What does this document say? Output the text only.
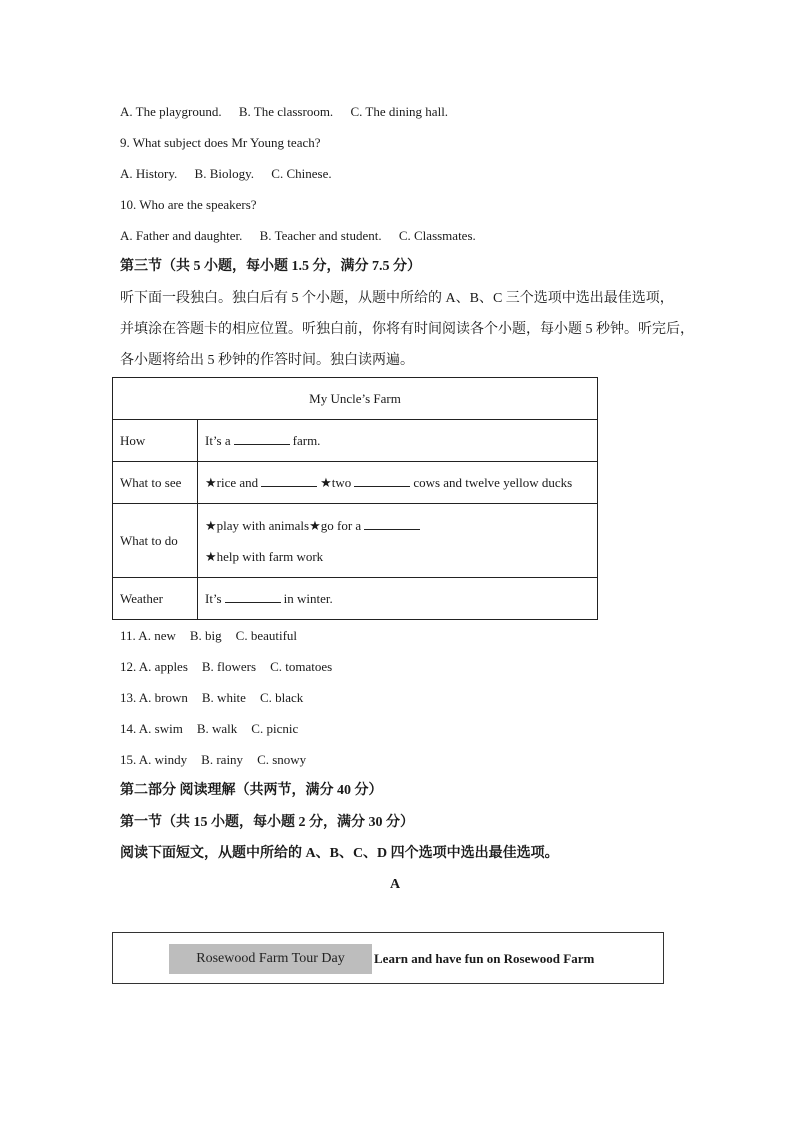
A. The playground. B. The classroom. C. The dining hall.
9. What subject does Mr Young teach?
A. History. B. Biology. C. Chinese.
10. Who are the speakers?
A. Father and daughter. B. Teacher and student. C. Classmates.
第三节（共 5 小题，每小题 1.5 分，满分 7.5 分）
听下面一段独白。独白后有 5 个小题，从题中所给的 A、B、C 三个选项中选出最佳选项，
并填涂在答题卡的相应位置。听独白前，你将有时间阅读各个小题，每小题 5 秒钟。听完后，
各小题将给出 5 秒钟的作答时间。独白读两遍。
My Uncle’s Farm	
How	It’s a farm.
What to see	★rice and ★two cows and twelve yellow ducks
What to do	★play with animals★go for a
★help with farm work

Weather	It’s in winter.
11. A. new B. big C. beautiful
12. A. apples B. flowers C. tomatoes
13. A. brown B. white C. black
14. A. swim B. walk C. picnic
15. A. windy B. rainy C. snowy
第二部分 阅读理解（共两节，满分 40 分）
第一节（共 15 小题，每小题 2 分，满分 30 分）
阅读下面短文，从题中所给的 A、B、C、D 四个选项中选出最佳选项。
A
Rosewood Farm Tour Day	Learn and have fun on Rosewood Farm
